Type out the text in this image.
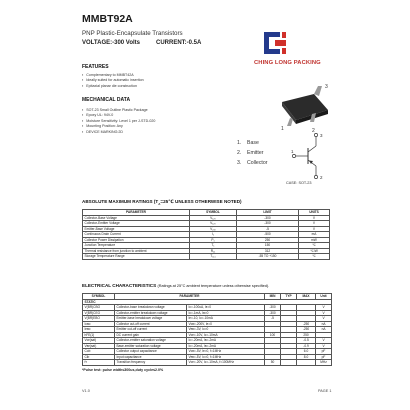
MMBT92A
PNP Plastic-Encapsulate Transistors
VOLTAGE:-300 Volts	CURRENT:-0.5A
CHING LONG PACKING
FEATURES
▪ Complementary to MMBT42A
▪ Ideally suited for automatic insertion
▪ Epitaxial planar die construction
MECHANICAL DATA
▪ SOT-23 Small Outline Plastic Package
▪ Epoxy UL: 94V-0
▪ Moisture Sensitivity: Level 1 per J-STD-020
▪ Mounting Position: Any
▪ DEVICE MARKING:2D
3
1	2
1. Base
2. Emitter
3. Collector
3
1
2
CASE: SOT-23
ABSOLUTE MAXIMUM RATINGS ($T_A=25℃$ UNLESS OTHERWISE NOTED)
PARAMETER	SYMBOL	LIMIT	UNITS
Collector-Base Voltage	V₁₂₀	-300	V
Collector-Emitter Voltage	V₁₂₀	-300	V
Emitter-Base Voltage	V₂₁₀	-5	V
Continuous Drain Current	I₁	-500	mA
Collector Power Dissipation	P₁	250	mW
Junction Temperature	T₁	150	℃
Thermal resistance from junction to ambient	R₁₁	312	℃/W
Storage Temperature Range	T₁₁₁	-55 TO +150	℃
ELECTRICAL CHARACTERISTICS (Ratings at 25°C ambient temperature unless otherwise specified).
SYMBOL	PARAMETER		MIN	TYP	MAX	Unit
STATIC						
V(BR)CBO	Collector-base breakdown voltage	Iᴄ=-100uA, Iᴇ=0	-300			V
V(BR)CEO	Collector-emitter breakdown voltage	Iᴄ=-1mA, Iʙ=0	-300			V
V(BR)EBO	Emitter-base breakdown voltage	Iᴇ=-10, Iᴄ=-10mA	-5			V
Iᴄʙᴏ	Collector cut-off current	Vᴄʙ=-200V, Iᴇ=0			-250	nA
Iᴇʙᴏ	Emitter cut-off current	Vᴇʙ=-3V, Iᴄ=0			-250	nA
hFE(1)	DC current gain	Vᴄᴇ=-10V, Iᴄ=-10mA	100		250	
Vᴄᴇ(sat)	Collector-emitter saturation voltage	Iᴄ=-20mA, Iʙ=-2mA			-0.5	V
Vʙᴇ(sat)	Base-emitter saturation voltage	Iᴄ=-20mA, Iʙ=-2mA			-0.9	V
Cob	Collector output capacitance	Vᴄʙ=-5V, Iᴇ=0, f=1MHz			6.0	pF
Cib	Input capacitance	Vᴇʙ=-5V, Iᴄ=0, f=1MHz			8.0	pF
fᴛ	Transition frequency	Vᴄᴇ=-20V, Iᴄ=-10mA, f=100MHz	50			MHz
*Pulse test: pulse width≤300us,duty cycle≤2.0%
V1.0	PAGE 1
